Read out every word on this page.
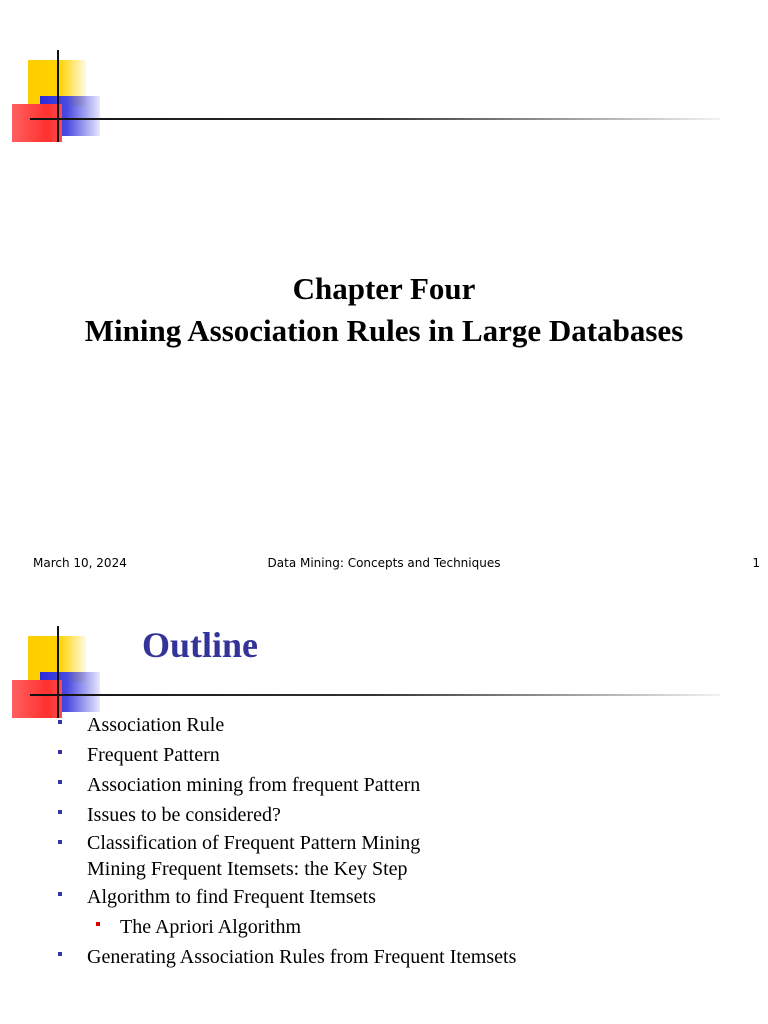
Chapter Four
Mining Association Rules in Large Databases
March 10, 2024	Data Mining: Concepts and Techniques	1
Outline
Association Rule
Frequent Pattern
Association mining from frequent Pattern
Issues to be considered?
Classification of Frequent Pattern Mining
Mining Frequent Itemsets: the Key Step
Algorithm to find Frequent Itemsets
The Apriori Algorithm
Generating Association Rules from Frequent Itemsets
